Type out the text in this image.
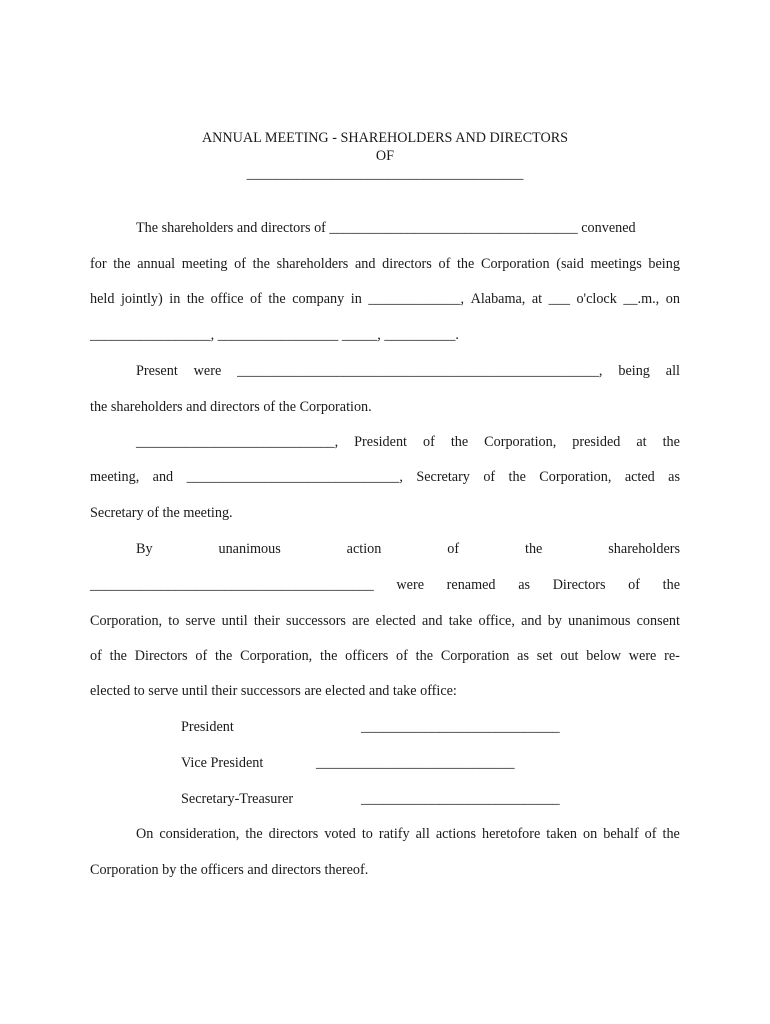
ANNUAL MEETING - SHAREHOLDERS AND DIRECTORS
OF
_______________________________________
The shareholders and directors of ___________________________________ convened
for the annual meeting of the shareholders and directors of the Corporation (said meetings being
held jointly) in the office of the company in _____________, Alabama, at ___ o'clock __.m., on
_________________, _________________ _____, __________.
Present were ___________________________________________________, being all
the shareholders and directors of the Corporation.
____________________________, President of the Corporation, presided at the
meeting, and ______________________________, Secretary of the Corporation, acted as
Secretary of the meeting.
By	unanimous	action	of	the	shareholders
________________________________________ were renamed as Directors of the
Corporation, to serve until their successors are elected and take office, and by unanimous consent
of the Directors of the Corporation, the officers of the Corporation as set out below were re-
elected to serve until their successors are elected and take office:
President	____________________________
Vice President	____________________________
Secretary-Treasurer	____________________________
On consideration, the directors voted to ratify all actions heretofore taken on behalf of the
Corporation by the officers and directors thereof.
